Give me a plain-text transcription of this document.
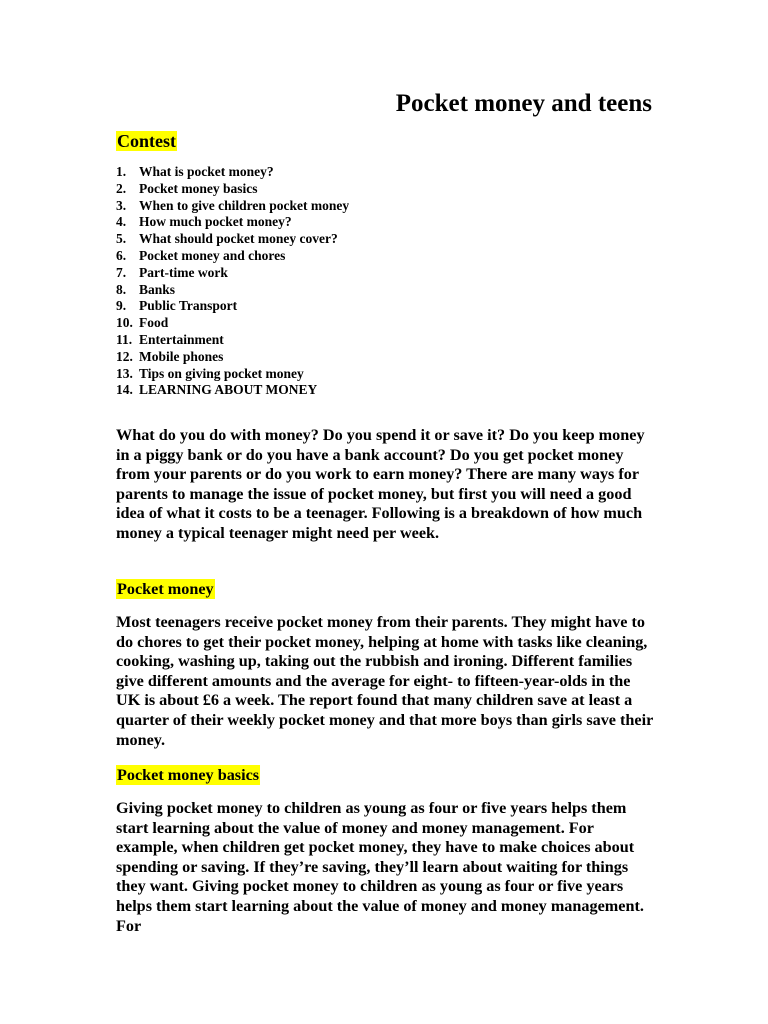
Pocket money and teens
Contest
1. What is pocket money?
2. Pocket money basics
3. When to give children pocket money
4. How much pocket money?
5. What should pocket money cover?
6. Pocket money and chores
7. Part-time work
8. Banks
9. Public Transport
10. Food
11. Entertainment
12. Mobile phones
13. Tips on giving pocket money
14. LEARNING ABOUT MONEY

What do you do with money? Do you spend it or save it? Do you keep money in a piggy bank or do you have a bank account? Do you get pocket money from your parents or do you work to earn money? There are many ways for parents to manage the issue of pocket money, but first you will need a good idea of what it costs to be a teenager. Following is a breakdown of how much money a typical teenager might need per week.

Pocket money

Most teenagers receive pocket money from their parents. They might have to do chores to get their pocket money, helping at home with tasks like cleaning, cooking, washing up, taking out the rubbish and ironing. Different families give different amounts and the average for eight- to fifteen-year-olds in the UK is about £6 a week. The report found that many children save at least a quarter of their weekly pocket money and that more boys than girls save their money.

Pocket money basics

Giving pocket money to children as young as four or five years helps them start learning about the value of money and money management. For example, when children get pocket money, they have to make choices about spending or saving. If they’re saving, they’ll learn about waiting for things they want. Giving pocket money to children as young as four or five years helps them start learning about the value of money and money management. For
